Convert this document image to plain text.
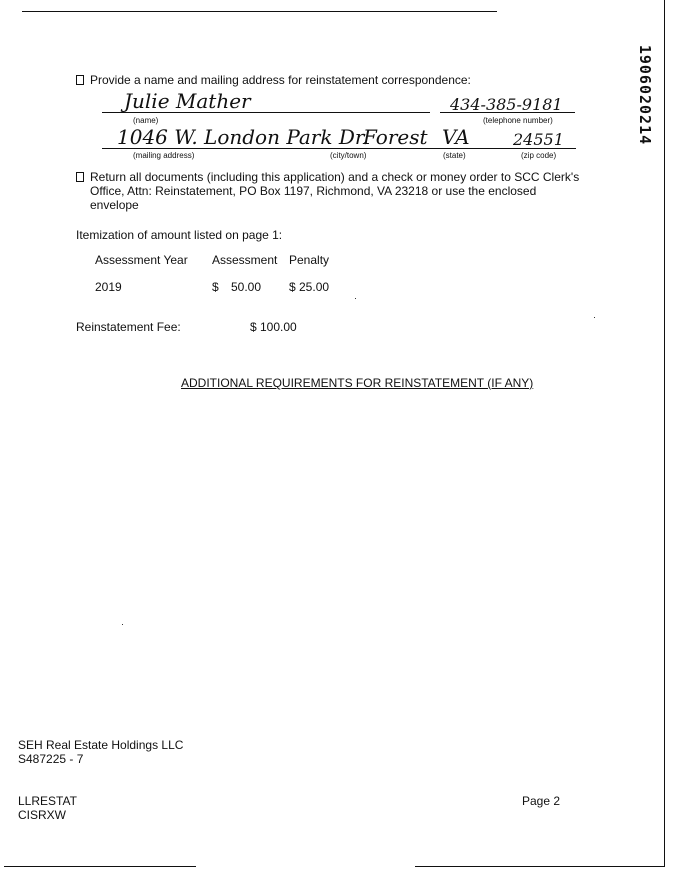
1906020214
Provide a name and mailing address for reinstatement correspondence:
Julie Mather
(name)
434-385-9181
(telephone number)
1046 W. London Park Dr.
(mailing address)
Forest
(city/town)
VA
(state)
24551
(zip code)
Return all documents (including this application) and a check or money order to SCC Clerk's
Office, Attn: Reinstatement, PO Box 1197, Richmond, VA 23218 or use the enclosed
envelope
Itemization of amount listed on page 1:
Assessment Year Assessment Penalty
2019	$ 50.00 $ 25.00
Reinstatement Fee:	$ 100.00
ADDITIONAL REQUIREMENTS FOR REINSTATEMENT (IF ANY)
SEH Real Estate Holdings LLC
S487225 - 7
LLRESTAT
CISRXW
Page 2
